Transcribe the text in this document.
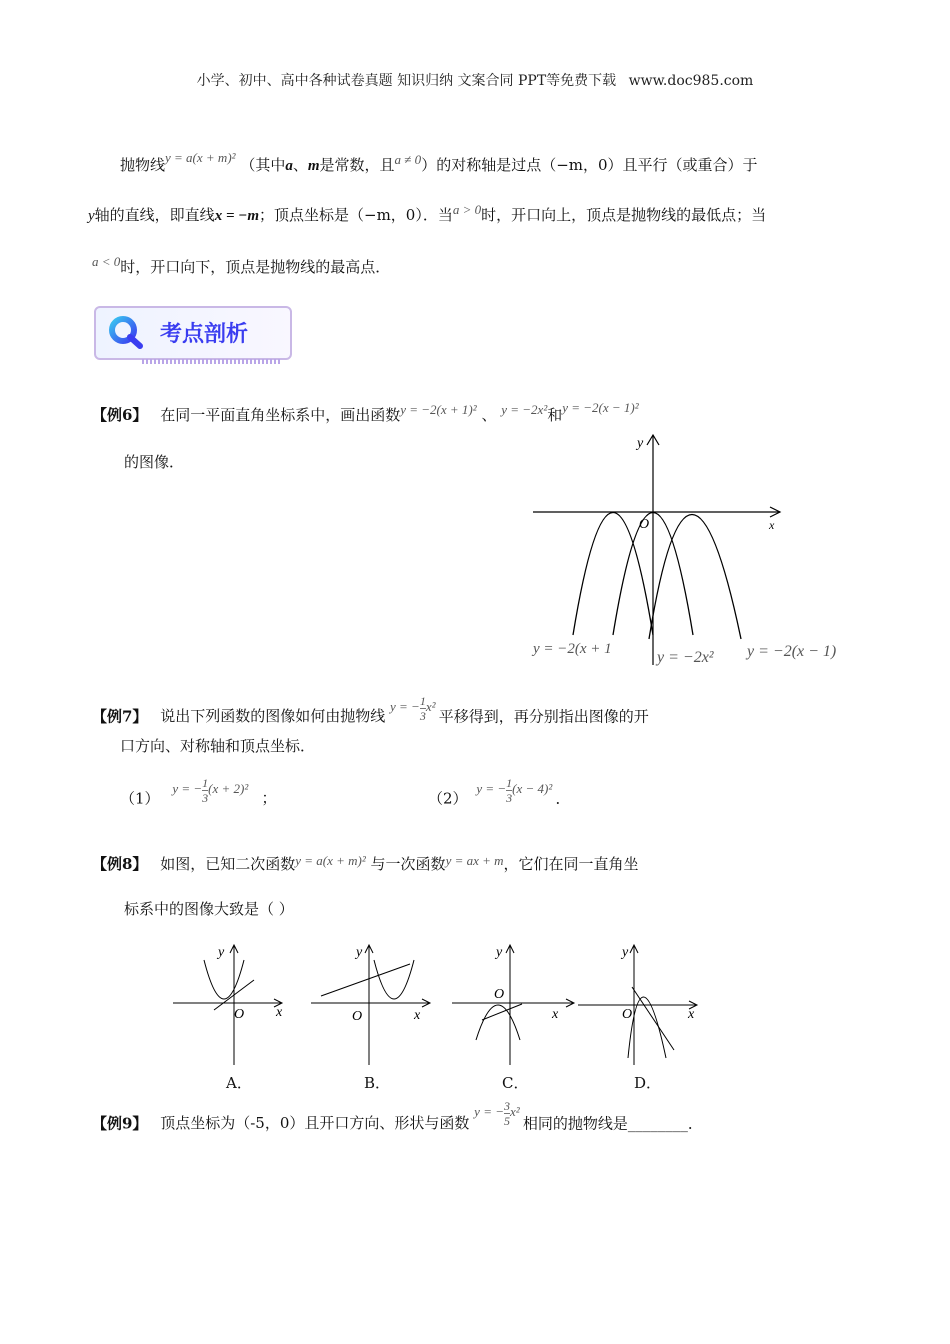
小学、初中、高中各种试卷真题 知识归纳 文案合同 PPT等免费下载 www.doc985.com
抛物线y = a(x + m)² （其中a、m是常数，且a ≠ 0）的对称轴是过点（−m，0）且平行（或重合）于
y轴的直线，即直线x = −m；顶点坐标是（−m，0）．当a > 0时，开口向上，顶点是抛物线的最低点；当
a < 0时，开口向下，顶点是抛物线的最高点．
考点剖析
【例6】 在同一平面直角坐标系中，画出函数y = −2(x + 1)² 、 y = −2x²和y = −2(x − 1)²
的图像．
y
x
O
y = −2(x + 1	y = −2x² y = −2(x − 1)
【例7】 说出下列函数的图像如何由抛物线 y = − $\frac{1}{3} x^2$ 平移得到，再分别指出图像的开
口方向、对称轴和顶点坐标．
（1） y = − $\frac{1}{3} (x + 2)^2$ ；	（2） y = − $\frac{1}{3} (x - 4)^2$ ．
【例8】 如图，已知二次函数y = a(x + m)² 与一次函数y = ax + m，它们在同一直角坐
标系中的图像大致是（ ）
y
x
O
A．
y
x
O
B．
y
x
O
C．
y
x
O
D．
【例9】 顶点坐标为（-5，0）且开口方向、形状与函数 y = − $\frac{3}{5} x^2$ 相同的抛物线是________．
